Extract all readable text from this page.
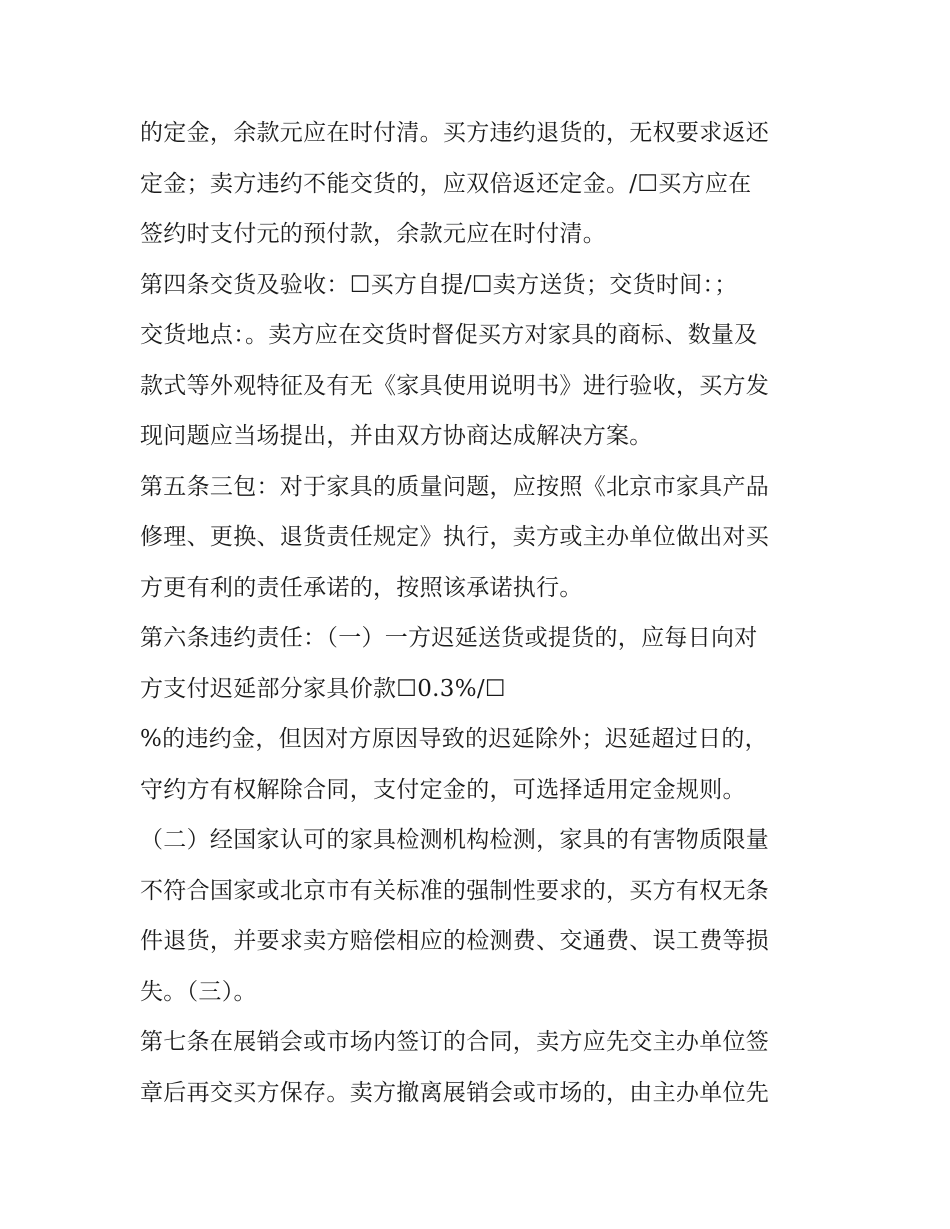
的定金，余款元应在时付清。买方违约退货的，无权要求返还
定金；卖方违约不能交货的，应双倍返还定金。/☐买方应在
签约时支付元的预付款，余款元应在时付清。
第四条交货及验收：☐买方自提/☐卖方送货；交货时间：；
交货地点：。卖方应在交货时督促买方对家具的商标、数量及
款式等外观特征及有无《家具使用说明书》进行验收，买方发
现问题应当场提出，并由双方协商达成解决方案。
第五条三包：对于家具的质量问题，应按照《北京市家具产品
修理、更换、退货责任规定》执行，卖方或主办单位做出对买
方更有利的责任承诺的，按照该承诺执行。
第六条违约责任：（一）一方迟延送货或提货的，应每日向对
方支付迟延部分家具价款☐0.3%/☐
%的违约金，但因对方原因导致的迟延除外；迟延超过日的，
守约方有权解除合同，支付定金的，可选择适用定金规则。
（二）经国家认可的家具检测机构检测，家具的有害物质限量
不符合国家或北京市有关标准的强制性要求的，买方有权无条
件退货，并要求卖方赔偿相应的检测费、交通费、误工费等损
失。（三）。
第七条在展销会或市场内签订的合同，卖方应先交主办单位签
章后再交买方保存。卖方撤离展销会或市场的，由主办单位先
